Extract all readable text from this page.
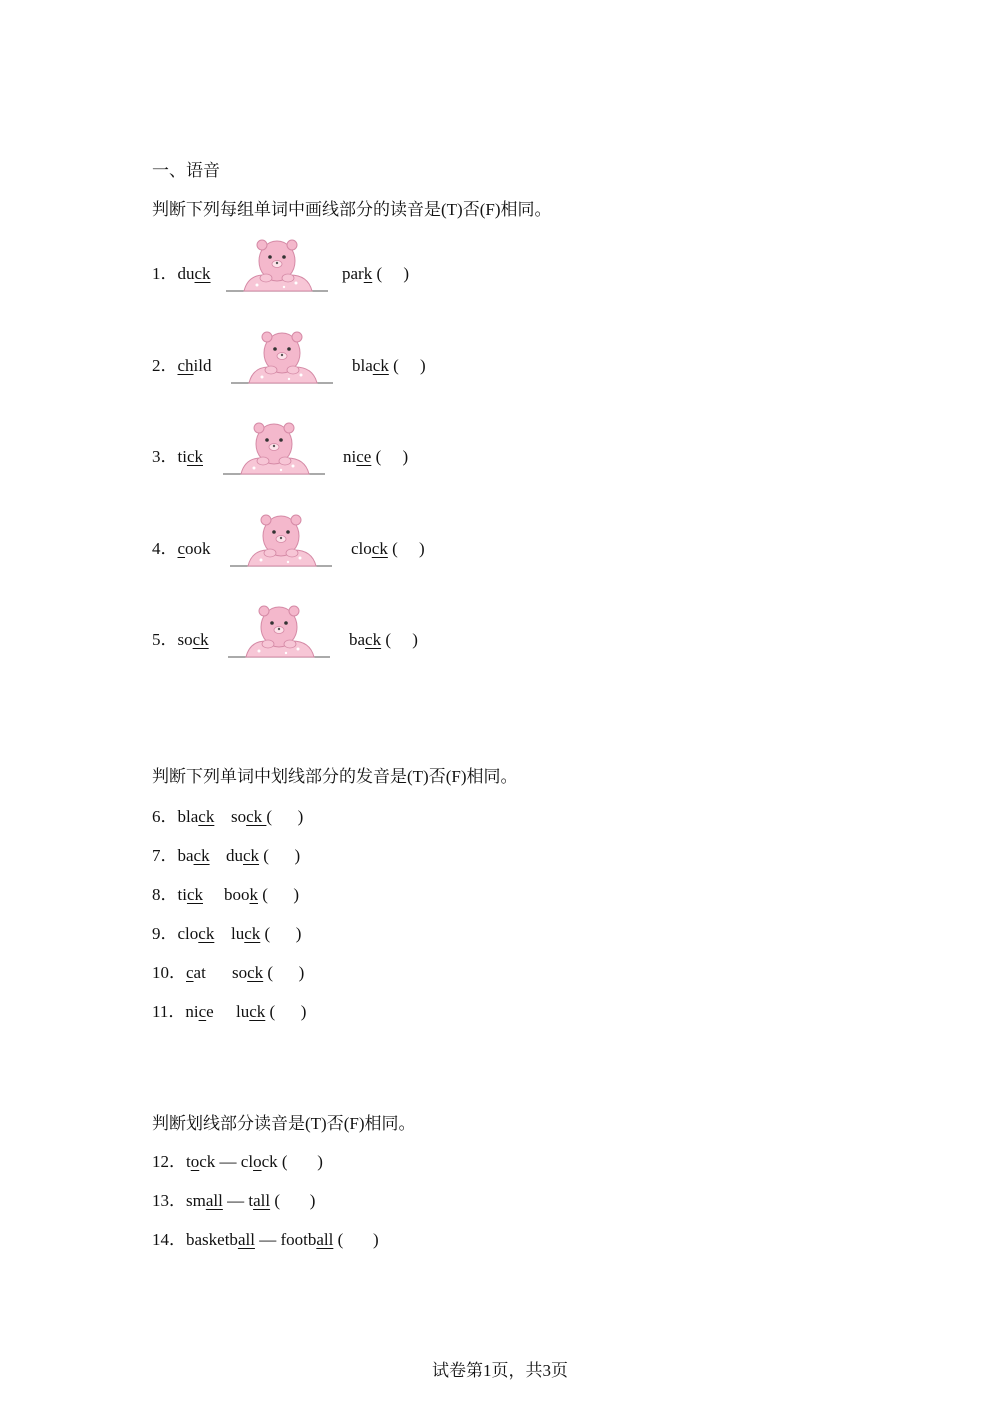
一、语音
判断下列每组单词中画线部分的读音是(T)否(F)相同。
1．duck	park (     )
2．child	black (     )
3．tick	nice (     )
4．cook	clock (     )
5．sock	back (     )
判断下列单词中划线部分的发音是(T)否(F)相同。
6．black sock (      )
7．back duck (      )
8．tick book (      )
9．clock luck (      )
10．cat sock (      )
11．nice luck (      )
判断划线部分读音是(T)否(F)相同。
12．tock — clock (       )
13．small — tall (       )
14．basketball — football (       )
试卷第1页，共3页
